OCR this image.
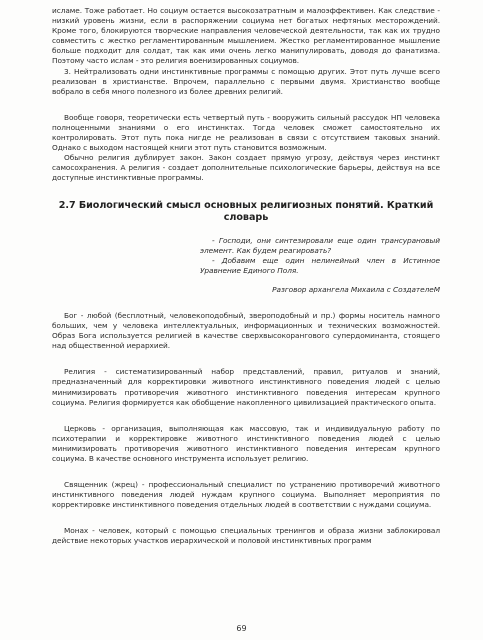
исламе. Тоже работает. Но социум остается высокозатратным и малоэффективен. Как следствие - низкий уровень жизни, если в распоряжении социума нет богатых нефтяных месторождений. Кроме того, блокируются творческие направления человеческой деятельности, так как их трудно совместить с жестко регламентированным мышлением. Жестко регламентированное мышление больше подходит для солдат, так как ими очень легко манипулировать, доводя до фанатизма. Поэтому часто ислам - это религия военизированных социумов.

3. Нейтрализовать одни инстинктивные программы с помощью других. Этот путь лучше всего реализован в христианстве. Впрочем, параллельно с первыми двумя. Христианство вообще вобрало в себя много полезного из более древних религий.

Вообще говоря, теоретически есть четвертый путь - вооружить сильный рассудок НП человека полноценными знаниями о его инстинктах. Тогда человек сможет самостоятельно их контролировать. Этот путь пока нигде не реализован в связи с отсутствием таковых знаний. Однако с выходом настоящей книги этот путь становится возможным.

Обычно религия дублирует закон. Закон создает прямую угрозу, действуя через инстинкт самосохранения. А религия - создает дополнительные психологические барьеры, действуя на все доступные инстинктивные программы.

2.7 Биологический смысл основных религиозных понятий. Краткий словарь

- Господи, они синтезировали еще один трансурановый элемент. Как будем реагировать?

- Добавим еще один нелинейный член в Истинное Уравнение Единого Поля.

Разговор архангела Михаила с СоздателеМ

Бог - любой (бесплотный, человекоподобный, звероподобный и пр.) формы носитель намного больших, чем у человека интеллектуальных, информационных и технических возможностей. Образ Бога используется религией в качестве сверхвысокорангового супердоминанта, стоящего над общественной иерархией.

Религия - систематизированный набор представлений, правил, ритуалов и знаний, предназначенный для корректировки животного инстинктивного поведения людей с целью минимизировать противоречия животного инстинктивного поведения интересам крупного социума. Религия формируется как обобщение накопленного цивилизацией практического опыта.

Церковь - организация, выполняющая как массовую, так и индивидуальную работу по психотерапии и корректировке животного инстинктивного поведения людей с целью минимизировать противоречия животного инстинктивного поведения интересам крупного социума. В качестве основного инструмента использует религию.

Священник (жрец) - профессиональный специалист по устранению противоречий животного инстинктивного поведения людей нуждам крупного социума. Выполняет мероприятия по корректировке инстинктивного поведения отдельных людей в соответствии с нуждами социума.

Монах - человек, который с помощью специальных тренингов и образа жизни заблокировал действие некоторых участков иерархической и половой инстинктивных программ

69
